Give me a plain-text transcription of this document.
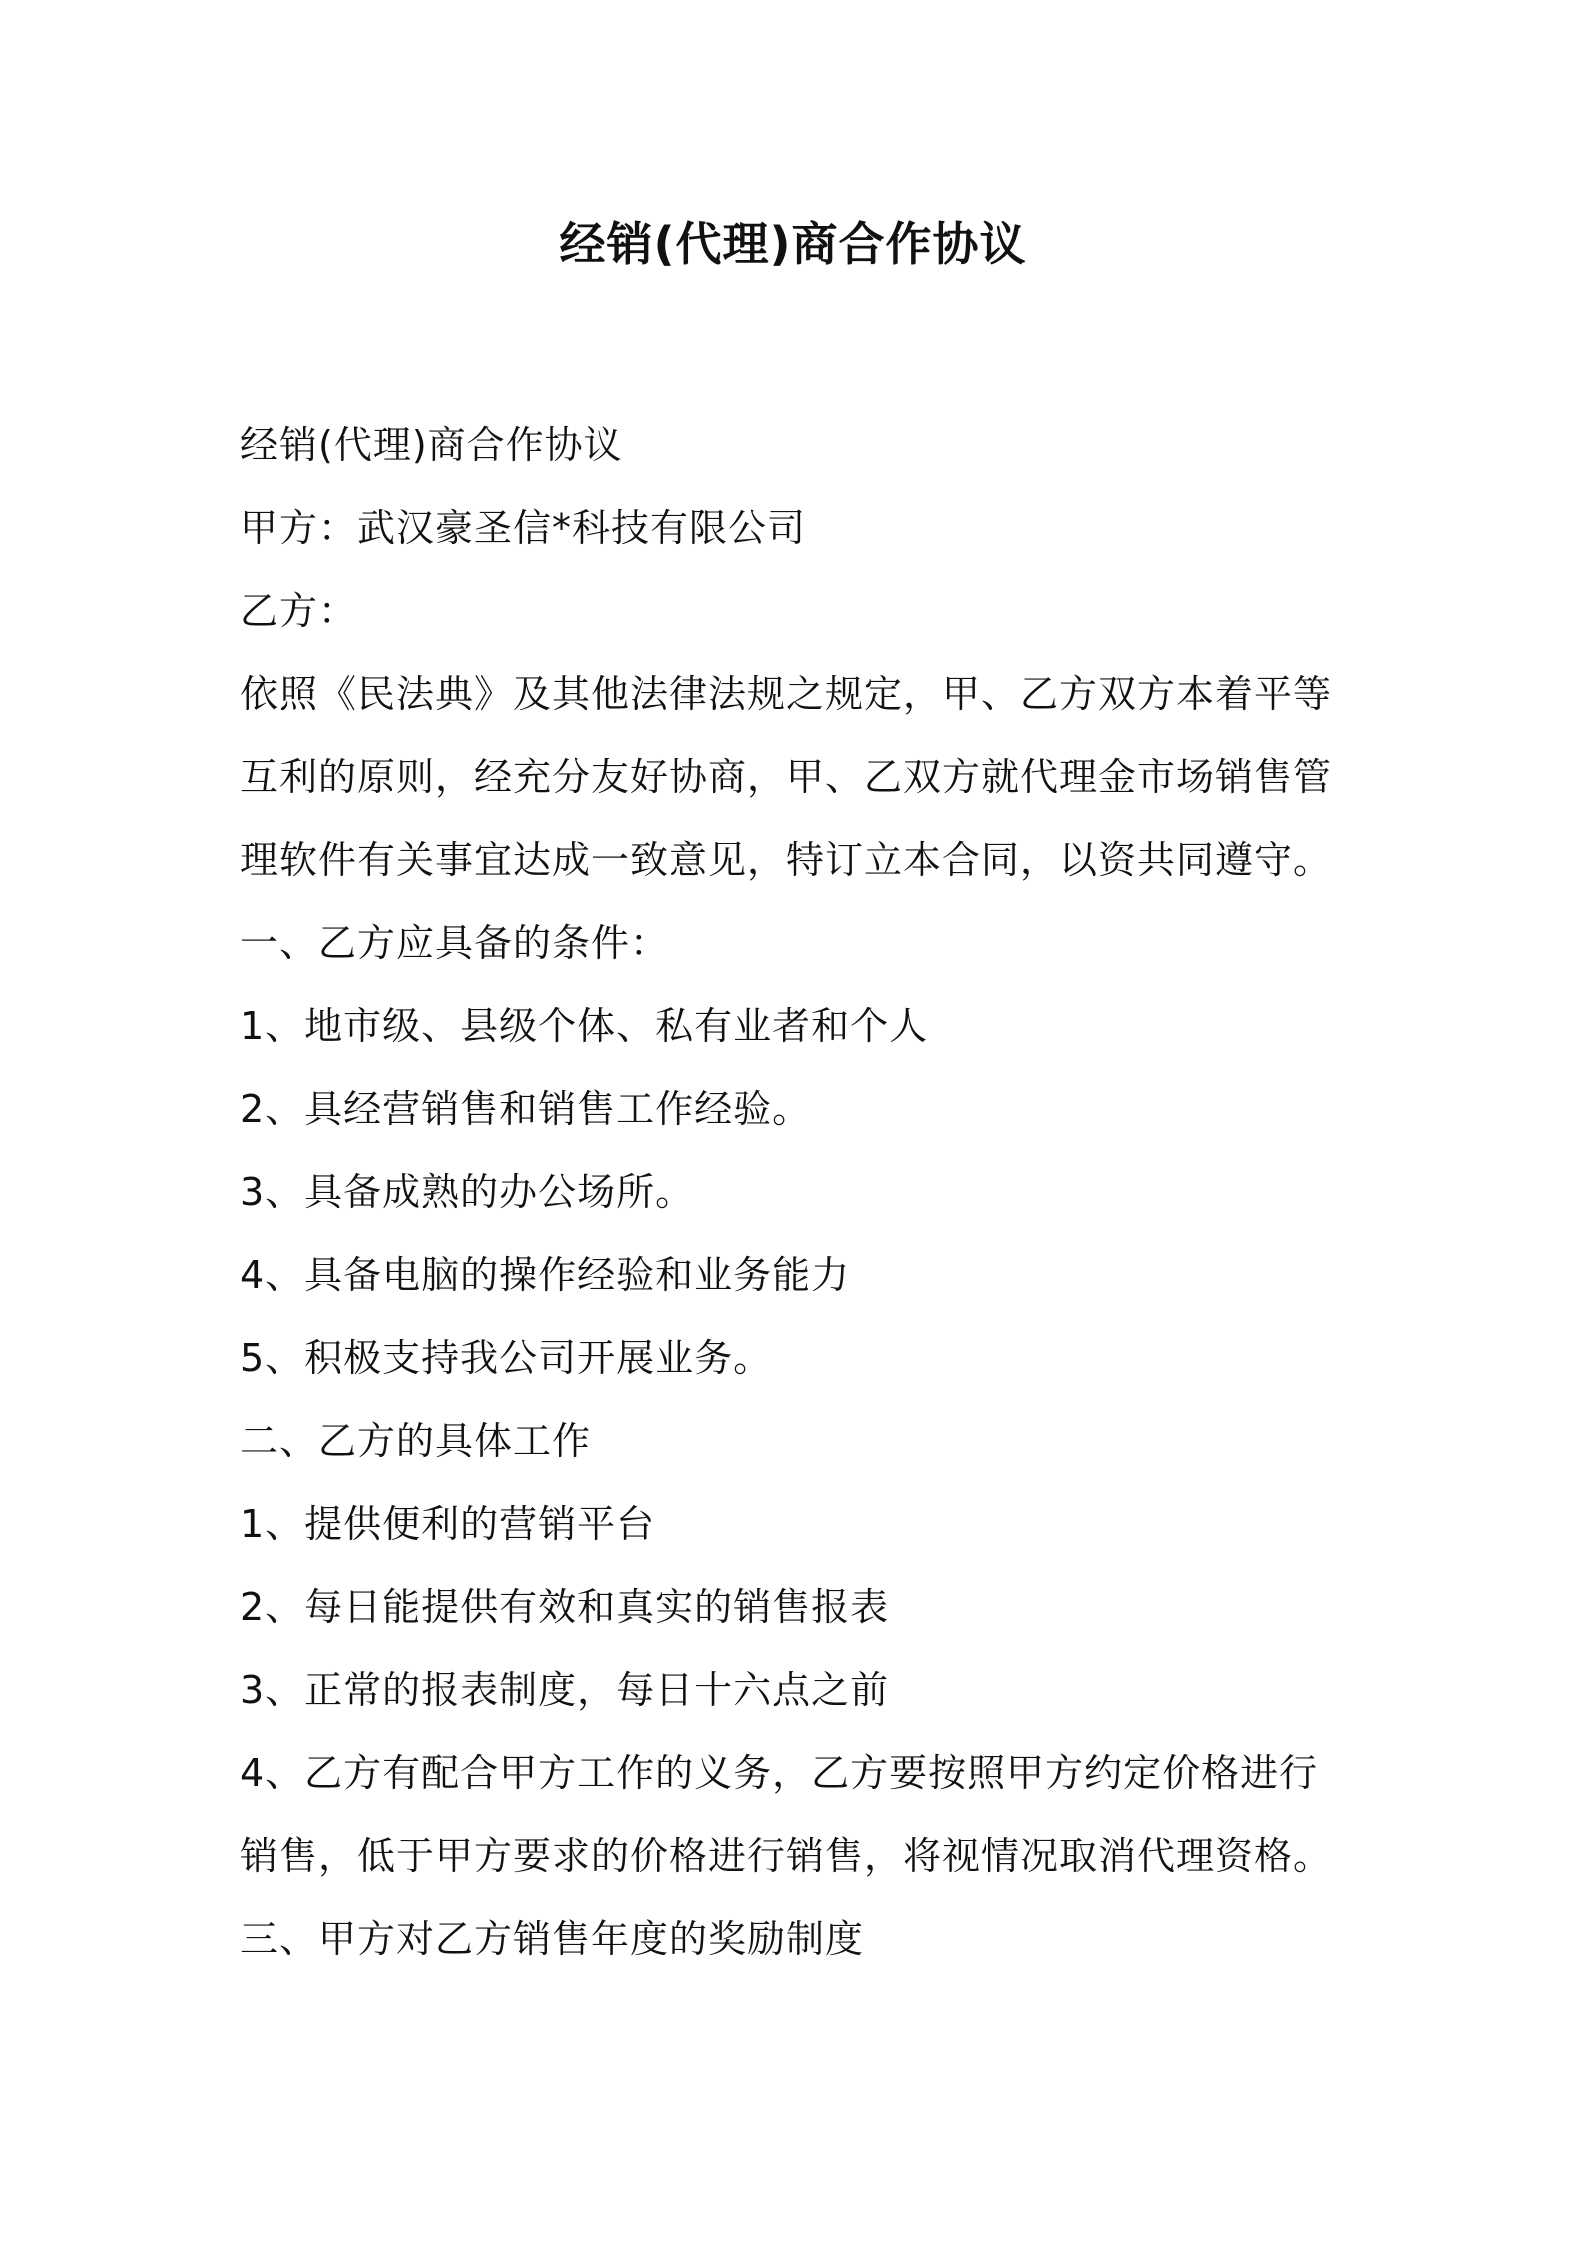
经销(代理)商合作协议
经销(代理)商合作协议
甲方：武汉豪圣信*科技有限公司
乙方：
依照《民法典》及其他法律法规之规定，甲、乙方双方本着平等
互利的原则，经充分友好协商，甲、乙双方就代理金市场销售管
理软件有关事宜达成一致意见，特订立本合同，以资共同遵守。
一、乙方应具备的条件：
1、地市级、县级个体、私有业者和个人
2、具经营销售和销售工作经验。
3、具备成熟的办公场所。
4、具备电脑的操作经验和业务能力
5、积极支持我公司开展业务。
二、乙方的具体工作
1、提供便利的营销平台
2、每日能提供有效和真实的销售报表
3、正常的报表制度，每日十六点之前
4、乙方有配合甲方工作的义务，乙方要按照甲方约定价格进行
销售，低于甲方要求的价格进行销售，将视情况取消代理资格。
三、甲方对乙方销售年度的奖励制度
